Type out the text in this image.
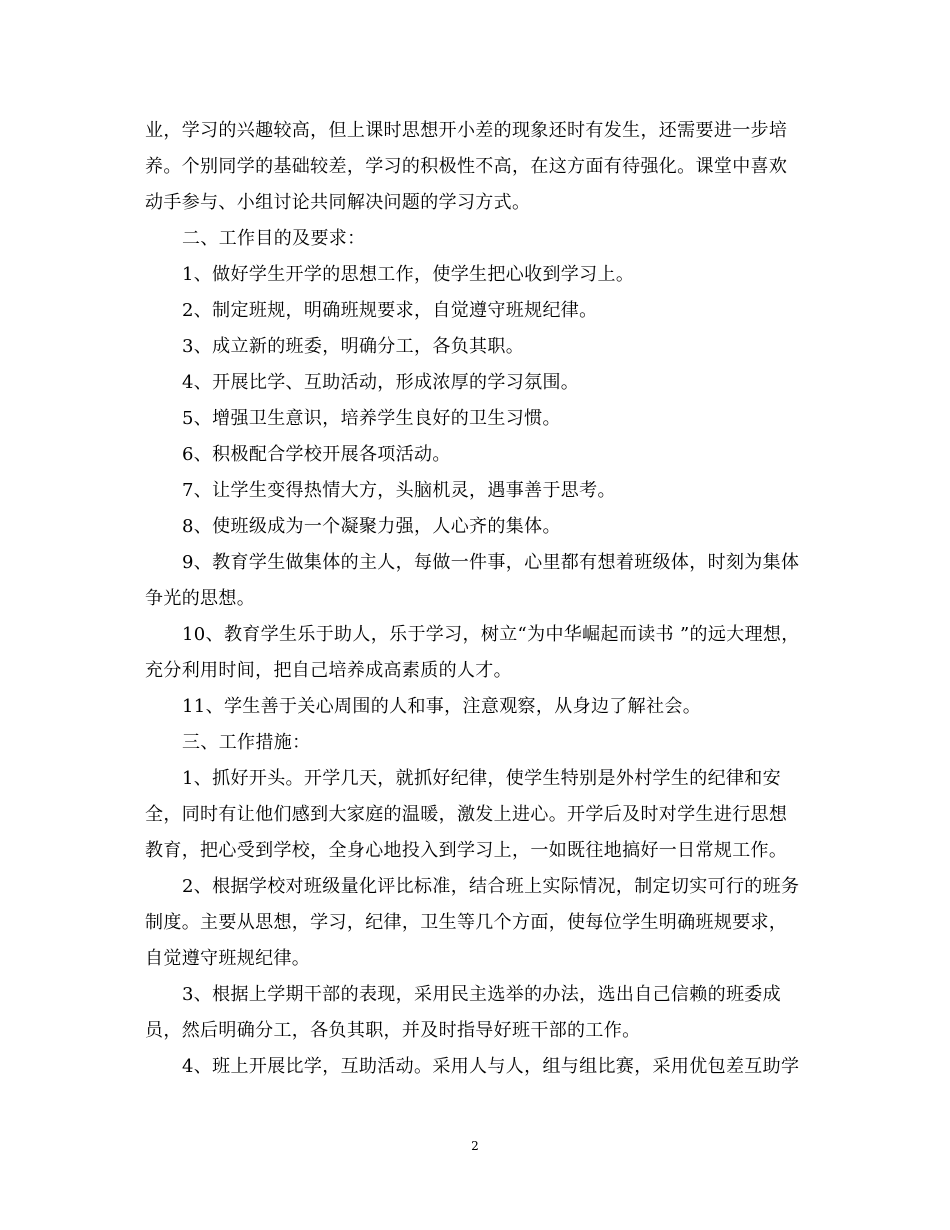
业，学习的兴趣较高，但上课时思想开小差的现象还时有发生，还需要进一步培
养。个别同学的基础较差，学习的积极性不高，在这方面有待强化。课堂中喜欢
动手参与、小组讨论共同解决问题的学习方式。
二、工作目的及要求：
1、做好学生开学的思想工作，使学生把心收到学习上。
2、制定班规，明确班规要求，自觉遵守班规纪律。
3、成立新的班委，明确分工，各负其职。
4、开展比学、互助活动，形成浓厚的学习氛围。
5、增强卫生意识，培养学生良好的卫生习惯。
6、积极配合学校开展各项活动。
7、让学生变得热情大方，头脑机灵，遇事善于思考。
8、使班级成为一个凝聚力强，人心齐的集体。
9、教育学生做集体的主人，每做一件事，心里都有想着班级体，时刻为集体
争光的思想。
10、教育学生乐于助人，乐于学习，树立“为中华崛起而读书 ”的远大理想，
充分利用时间，把自己培养成高素质的人才。
11、学生善于关心周围的人和事，注意观察，从身边了解社会。
三、工作措施：
1、抓好开头。开学几天，就抓好纪律，使学生特别是外村学生的纪律和安
全，同时有让他们感到大家庭的温暖，激发上进心。开学后及时对学生进行思想
教育，把心受到学校，全身心地投入到学习上，一如既往地搞好一日常规工作。
2、根据学校对班级量化评比标准，结合班上实际情况，制定切实可行的班务
制度。主要从思想，学习，纪律，卫生等几个方面，使每位学生明确班规要求，
自觉遵守班规纪律。
3、根据上学期干部的表现，采用民主选举的办法，选出自己信赖的班委成
员，然后明确分工，各负其职，并及时指导好班干部的工作。
4、班上开展比学，互助活动。采用人与人，组与组比赛，采用优包差互助学
2
